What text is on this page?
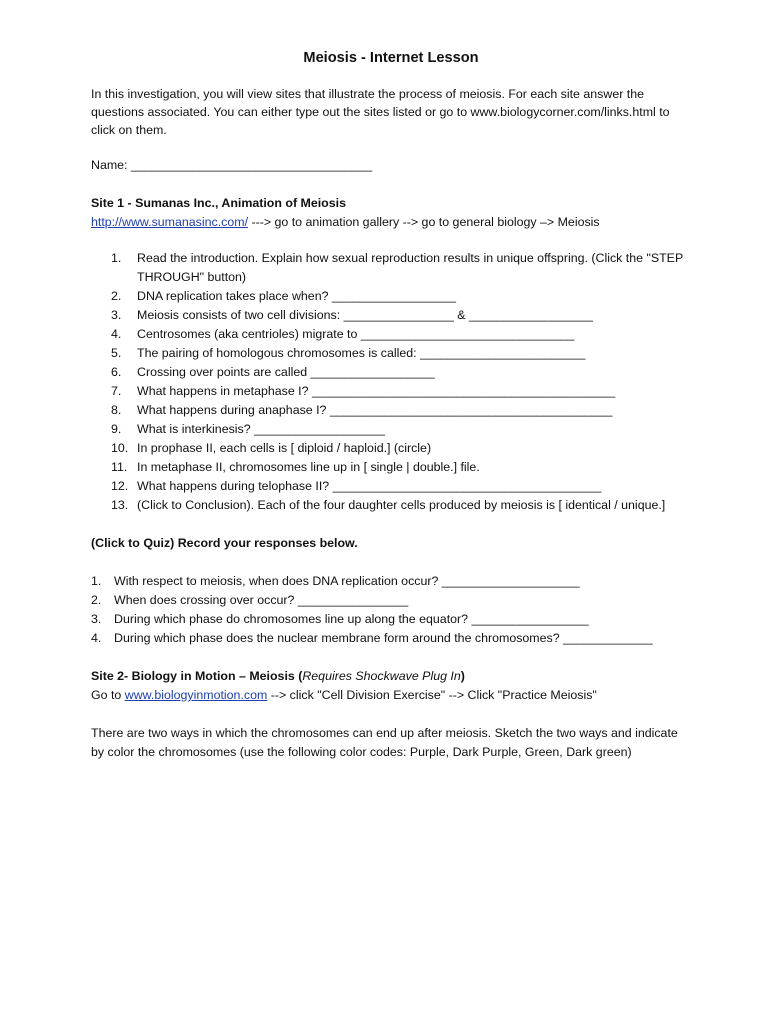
Meiosis - Internet Lesson

In this investigation, you will view sites that illustrate the process of meiosis. For each site answer the questions associated. You can either type out the sites listed or go to www.biologycorner.com/links.html to click on them.

Name: ___________________________________

Site 1 - Sumanas Inc., Animation of Meiosis

http://www.sumanasinc.com/ ---> go to animation gallery --> go to general biology –> Meiosis

1. Read the introduction. Explain how sexual reproduction results in unique offspring. (Click the "STEP THROUGH" button)
2. DNA replication takes place when? __________________
3. Meiosis consists of two cell divisions: ________________ & __________________
4. Centrosomes (aka centrioles) migrate to _______________________________
5. The pairing of homologous chromosomes is called: ________________________
6. Crossing over points are called __________________
7. What happens in metaphase I? ____________________________________________
8. What happens during anaphase I? _________________________________________
9. What is interkinesis? ___________________
10. In prophase II, each cells is [ diploid / haploid.] (circle)
11. In metaphase II, chromosomes line up in [ single | double.] file.
12. What happens during telophase II? _______________________________________
13. (Click to Conclusion). Each of the four daughter cells produced by meiosis is [ identical / unique.]

(Click to Quiz) Record your responses below.

1. With respect to meiosis, when does DNA replication occur? ____________________
2. When does crossing over occur? ________________
3. During which phase do chromosomes line up along the equator? _________________
4. During which phase does the nuclear membrane form around the chromosomes? _____________

Site 2- Biology in Motion – Meiosis (Requires Shockwave Plug In)

Go to www.biologyinmotion.com --> click "Cell Division Exercise" --> Click "Practice Meiosis"

There are two ways in which the chromosomes can end up after meiosis. Sketch the two ways and indicate by color the chromosomes (use the following color codes: Purple, Dark Purple, Green, Dark green)
